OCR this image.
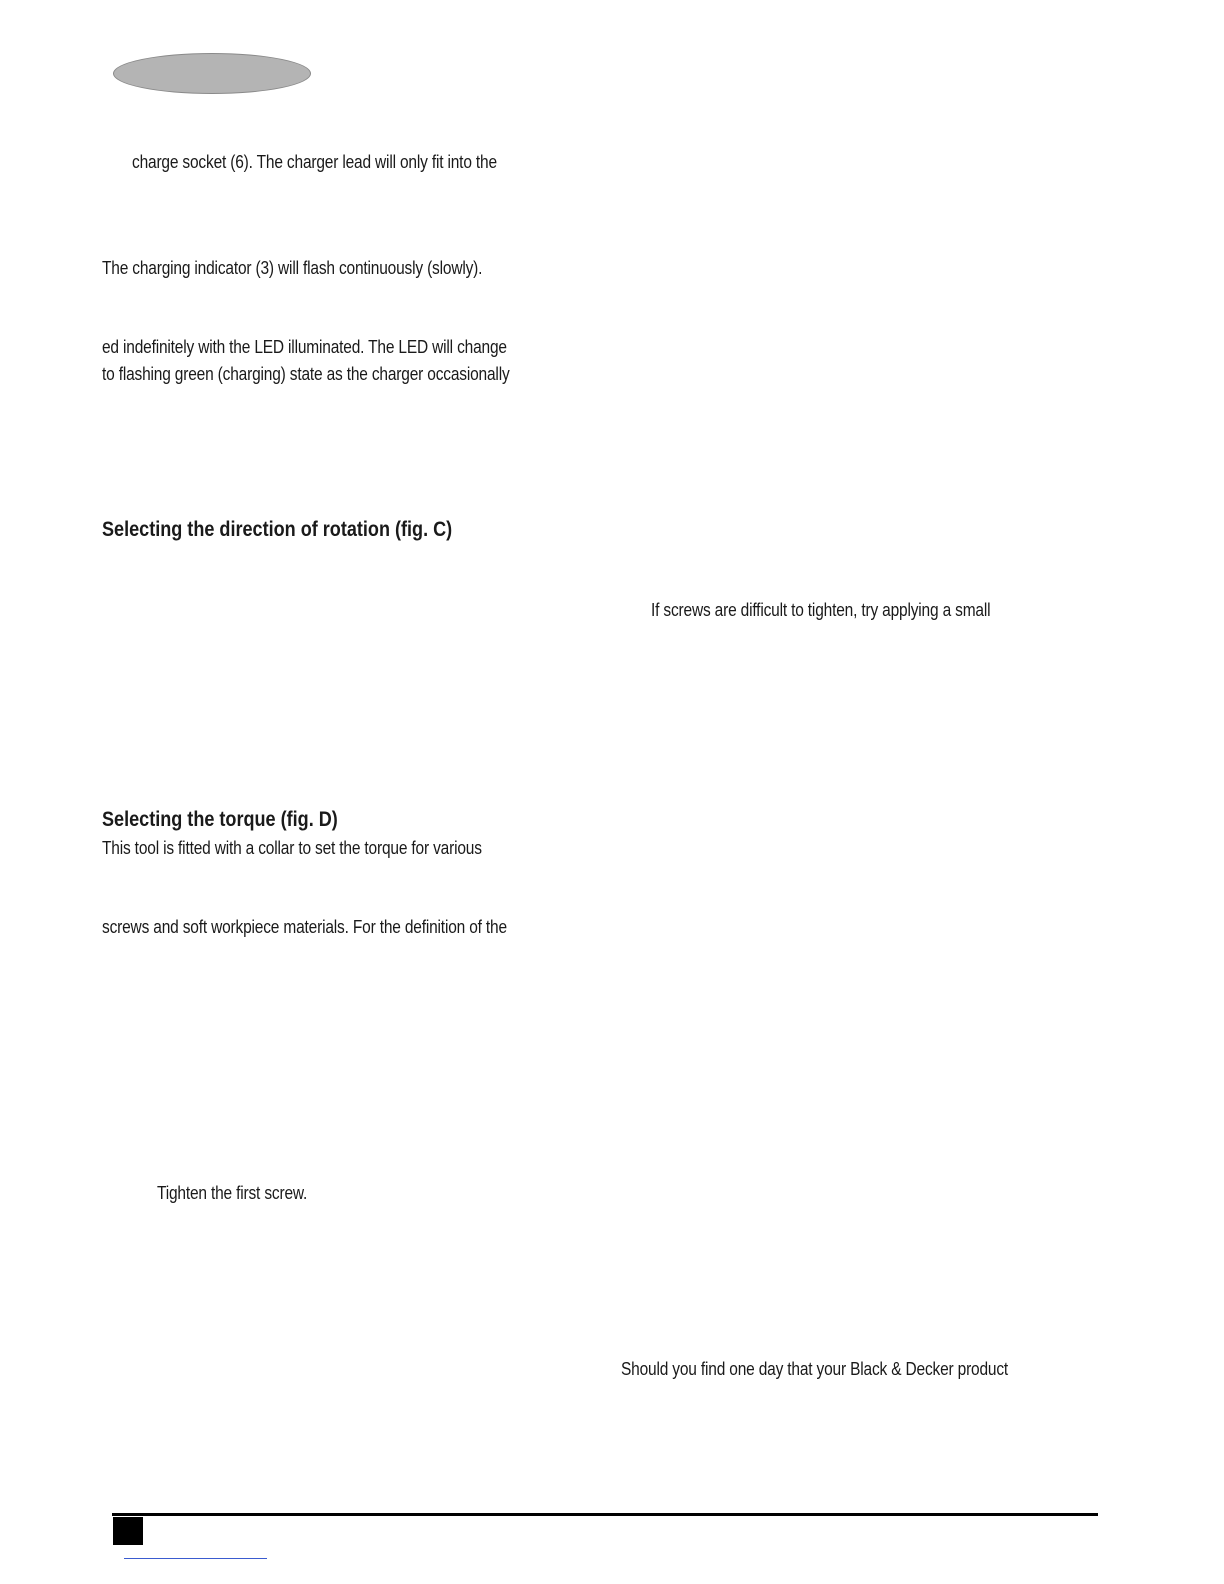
charge socket (6). The charger lead will only fit into the
The charging indicator (3) will flash continuously (slowly).
ed indefinitely with the LED illuminated. The LED will change
to flashing green (charging) state as the charger occasionally
Selecting the direction of rotation (fig. C)
If screws are difficult to tighten, try applying a small
Selecting the torque (fig. D)
This tool is fitted with a collar to set the torque for various
screws and soft workpiece materials. For the definition of the
Tighten the first screw.
Should you find one day that your Black & Decker product
